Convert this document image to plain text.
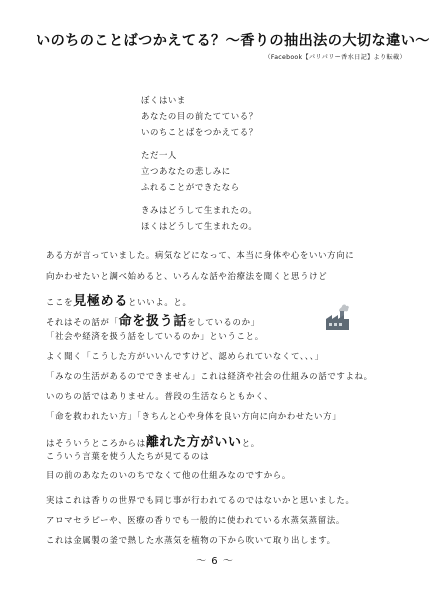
いのちのことばつかえてる？〜香りの抽出法の大切な違い〜
（Facebook【パリパリー香水日記】より転載）
ぼくはいま
あなたの目の前たてている？
いのちことばをつかえてる？
ただ一人
立つあなたの悲しみに
ふれることができたなら
きみはどうして生まれたの。
ほくはどうして生まれたの。
ある方が言っていました。病気などになって、本当に身体や心をいい方向に
向かわせたいと調べ始めると、いろんな話や治療法を聞くと思うけど
ここを見極めるといいよ。と。
それはその話が「命を扱う話をしているのか」
「社会や経済を扱う話をしているのか」ということ。
よく聞く「こうした方がいいんですけど、認められていなくて、、、」
「みなの生活があるのでできません」これは経済や社会の仕組みの話ですよね。
いのちの話ではありません。普段の生活ならともかく、
「命を救われたい方」「きちんと心や身体を良い方向に向かわせたい方」
はそういうところからは離れた方がいいと。
こういう言葉を使う人たちが見てるのは
目の前のあなたのいのちでなくて他の仕組みなのですから。
実はこれは香りの世界でも同じ事が行われてるのではないかと思いました。
アロマセラピーや、医療の香りでも一般的に使われている水蒸気蒸留法。
これは金属製の釜で熱した水蒸気を植物の下から吹いて取り出します。
〜 6 〜
